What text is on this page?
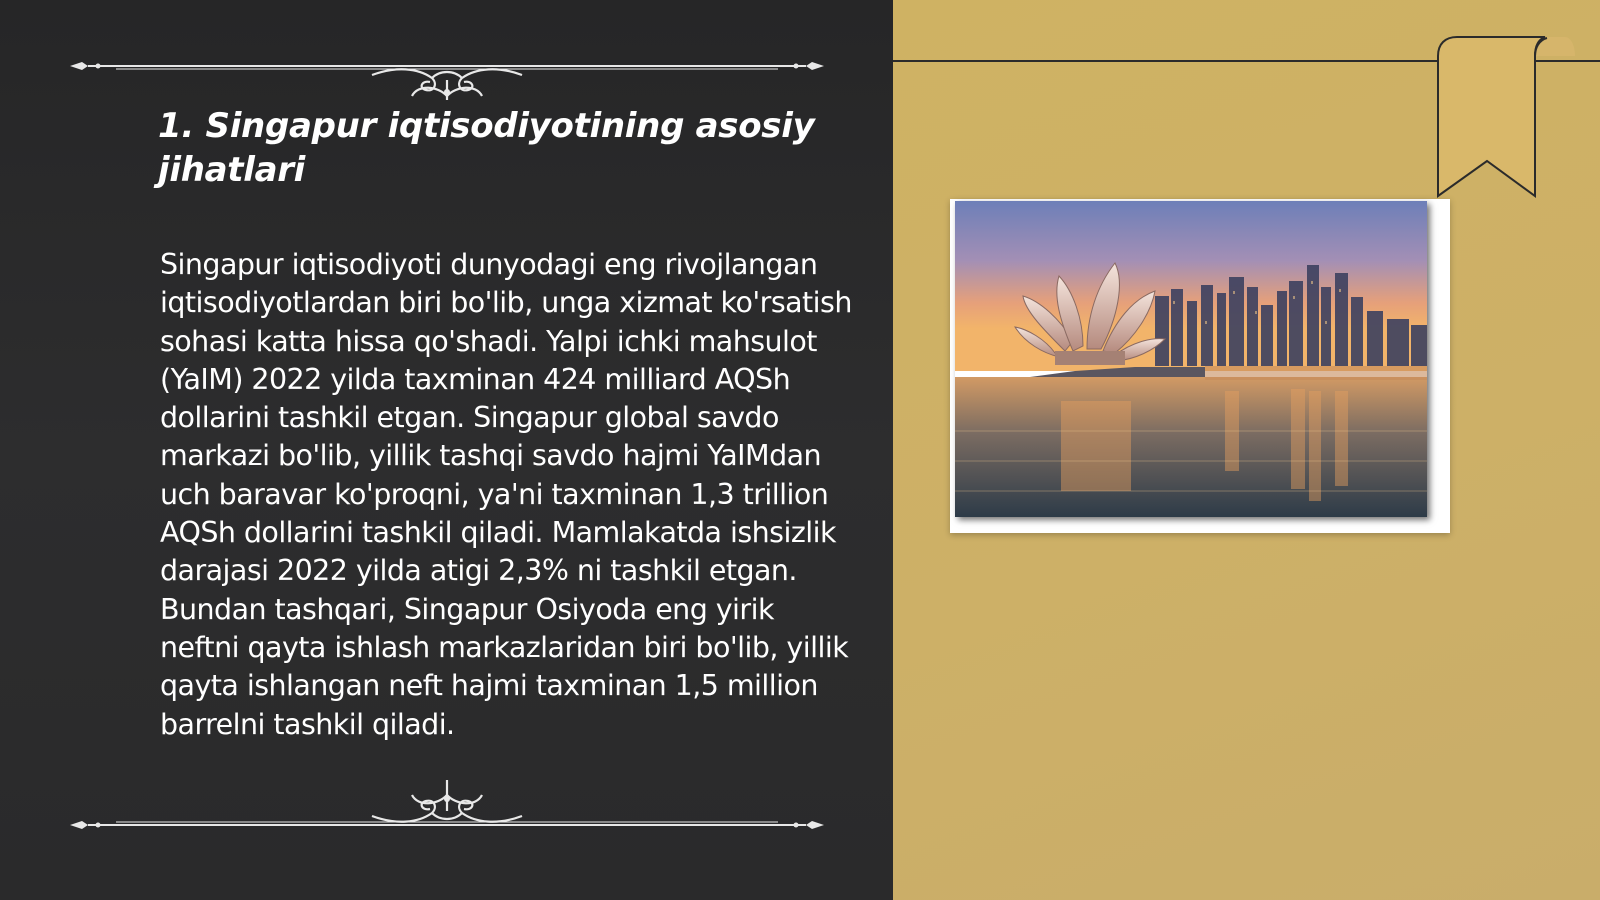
1. Singapur iqtisodiyotining asosiy jihatlari

Singapur iqtisodiyoti dunyodagi eng rivojlangan iqtisodiyotlardan biri bo'lib, unga xizmat ko'rsatish sohasi katta hissa qo'shadi. Yalpi ichki mahsulot (YaIM) 2022 yilda taxminan 424 milliard AQSh dollarini tashkil etgan. Singapur global savdo markazi bo'lib, yillik tashqi savdo hajmi YaIMdan uch baravar ko'proqni, ya'ni taxminan 1,3 trillion AQSh dollarini tashkil qiladi. Mamlakatda ishsizlik darajasi 2022 yilda atigi 2,3% ni tashkil etgan. Bundan tashqari, Singapur Osiyoda eng yirik neftni qayta ishlash markazlaridan biri bo'lib, yillik qayta ishlangan neft hajmi taxminan 1,5 million barrelni tashkil qiladi.
